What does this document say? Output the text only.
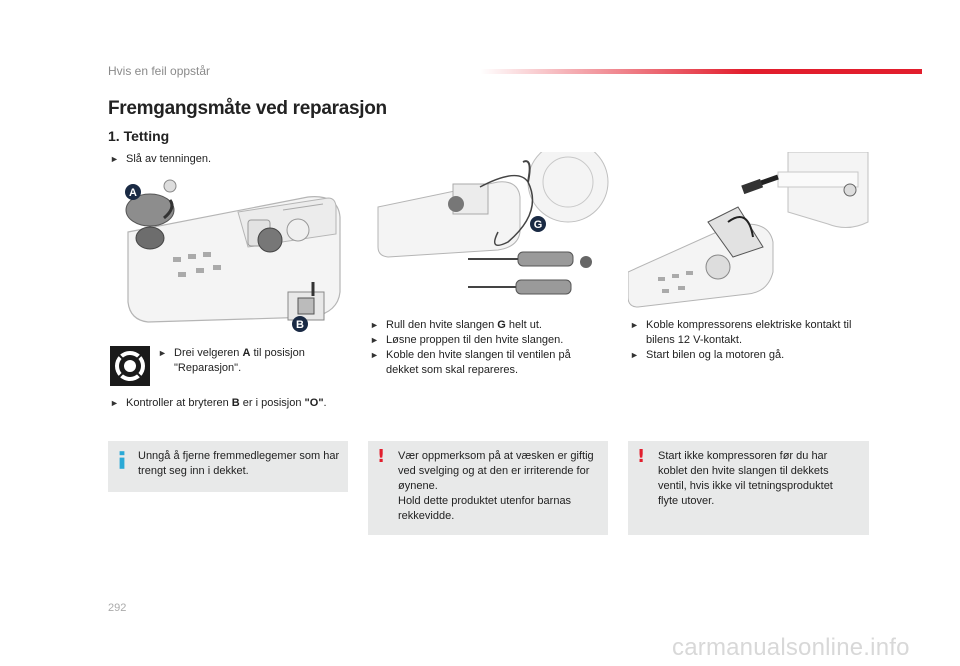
Hvis en feil oppstår
Fremgangsmåte ved reparasjon
1. Tetting
► Slå av tenningen.
A
B
► Drei velgeren A til posisjon "Reparasjon".
► Kontroller at bryteren B er i posisjon "O".
Unngå å fjerne fremmedlegemer som har trengt seg inn i dekket.
G
► Rull den hvite slangen G helt ut.
► Løsne proppen til den hvite slangen.
► Koble den hvite slangen til ventilen på dekket som skal repareres.
! Vær oppmerksom på at væsken er giftig ved svelging og at den er irriterende for øynene.
Hold dette produktet utenfor barnas rekkevidde.
► Koble kompressorens elektriske kontakt til bilens 12 V-kontakt.
► Start bilen og la motoren gå.
! Start ikke kompressoren før du har koblet den hvite slangen til dekkets ventil, hvis ikke vil tetningsproduktet flyte utover.
292
carmanualsonline.info
